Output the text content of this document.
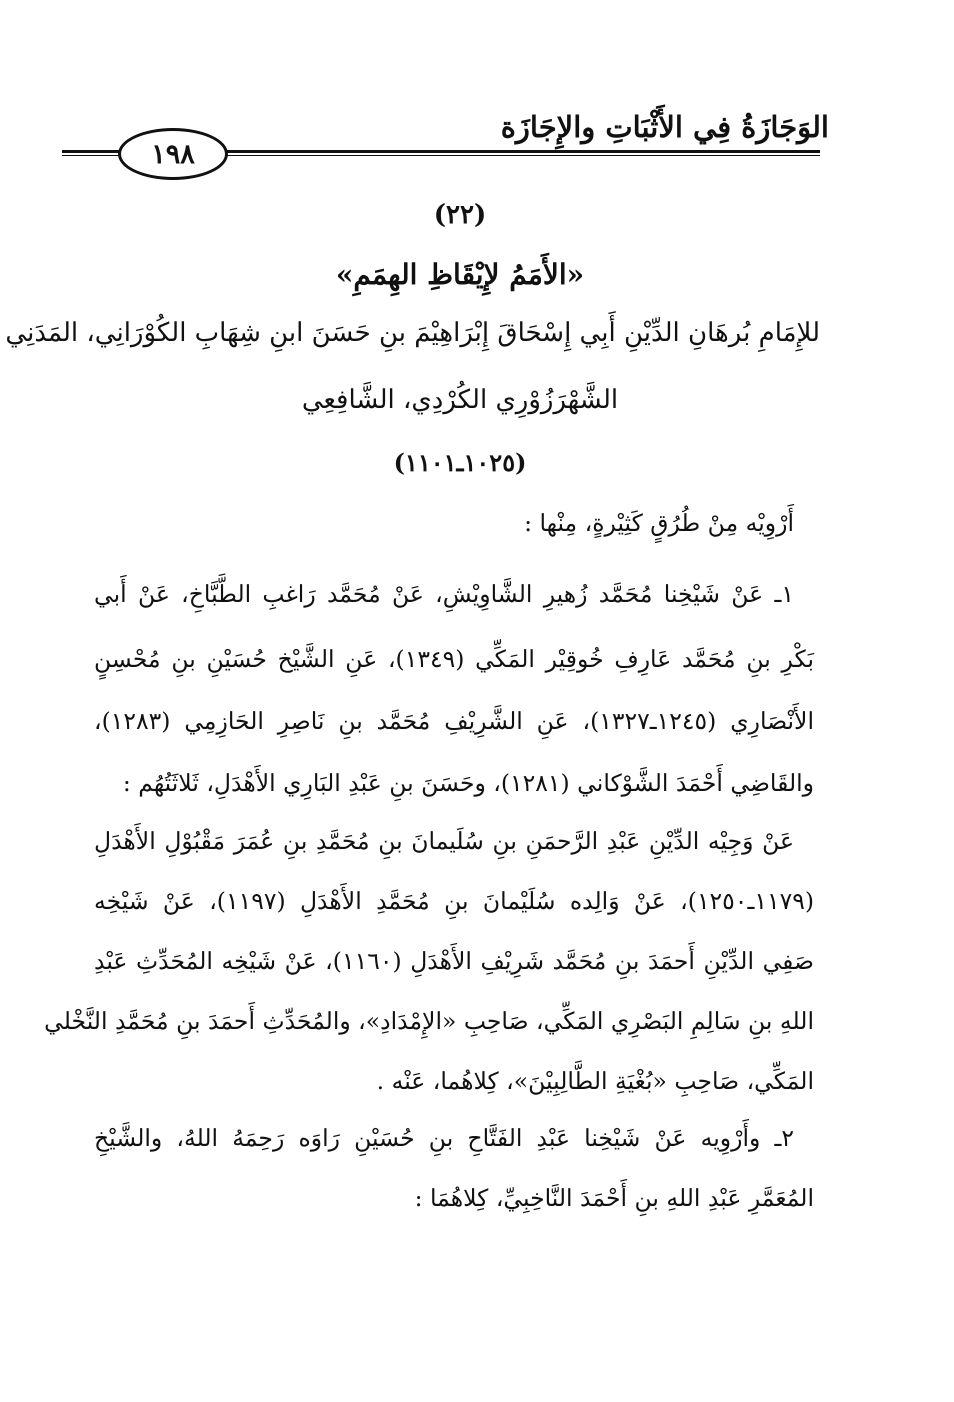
الوَجَازَةُ فِي الأَثْبَاتِ والإِجَازَة
١٩٨
(٢٢)
«الأَمَمُ لإِيْقَاظِ الهِمَمِ»
للإِمَامِ بُرهَانِ الدِّيْنِ أَبِي إِسْحَاقَ إِبْرَاهِيْمَ بنِ حَسَنَ ابنِ شِهَابِ الكُوْرَانِي، المَدَنِي
الشَّهْرَزُوْرِي الكُرْدِي، الشَّافِعِي
(١٠٢٥ـ١١٠١)
أَرْوِيْه مِنْ طُرُقٍ كَثِيْرةٍ، مِنْها :
١ـ عَنْ شَيْخِنا مُحَمَّد زُهيرِ الشَّاوِيْشِ، عَنْ مُحَمَّد رَاغبِ الطَّبَّاخِ، عَنْ أَبي
بَكْرِ بنِ مُحَمَّد عَارِفِ خُوقِيْر المَكِّي (١٣٤٩)، عَنِ الشَّيْخ حُسَيْنِ بنِ مُحْسِنٍ
الأَنْصَارِي (١٢٤٥ـ١٣٢٧)، عَنِ الشَّرِيْفِ مُحَمَّد بنِ نَاصِرِ الحَازِمِي (١٢٨٣)،
والقَاضِي أَحْمَدَ الشَّوْكاني (١٢٨١)، وحَسَنَ بنِ عَبْدِ البَارِي الأَهْدَلِ، ثَلاثَتُهُم :
عَنْ وَجِيْه الدِّيْنِ عَبْدِ الرَّحمَنِ بنِ سُلَيمانَ بنِ مُحَمَّدِ بنِ عُمَرَ مَقْبُوْلِ الأَهْدَلِ
(١١٧٩ـ١٢٥٠)، عَنْ وَالِده سُلَيْمانَ بنِ مُحَمَّدِ الأَهْدَلِ (١١٩٧)، عَنْ شَيْخِه
صَفِي الدِّيْنِ أَحمَدَ بنِ مُحَمَّد شَرِيْفِ الأَهْدَلِ (١١٦٠)، عَنْ شَيْخِه المُحَدِّثِ عَبْدِ
اللهِ بنِ سَالِمِ البَصْرِي المَكِّي، صَاحِبِ «الإِمْدَادِ»، والمُحَدِّثِ أَحمَدَ بنِ مُحَمَّدِ النَّخْلي
المَكِّي، صَاحِبِ «بُغْيَةِ الطَّالِبِيْنَ»، كِلاهُما، عَنْه .
٢ـ وأَرْوِيه عَنْ شَيْخِنا عَبْدِ الفَتَّاحِ بنِ حُسَيْنِ رَاوَه رَحِمَهُ اللهُ، والشَّيْخِ
المُعَمَّرِ عَبْدِ اللهِ بنِ أَحْمَدَ النَّاخِبِيِّ، كِلاهُمَا :
